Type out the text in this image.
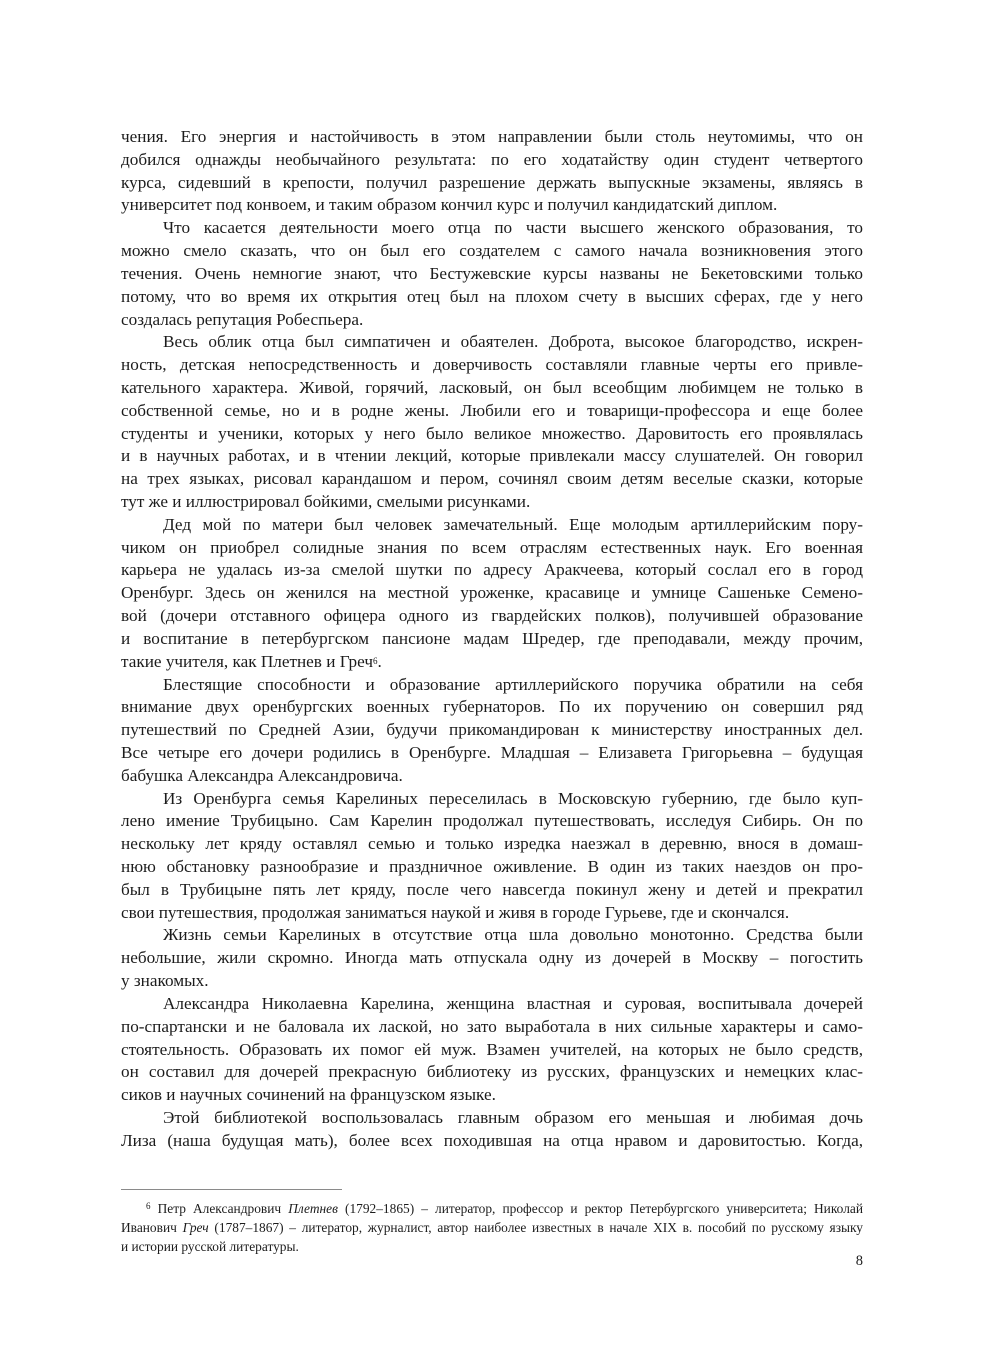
чения. Его энергия и настойчивость в этом направлении были столь неутомимы, что он
добился однажды необычайного результата: по его ходатайству один студент четвертого
курса, сидевший в крепости, получил разрешение держать выпускные экзамены, являясь в
университет под конвоем, и таким образом кончил курс и получил кандидатский диплом.

Что касается деятельности моего отца по части высшего женского образования, то
можно смело сказать, что он был его создателем с самого начала возникновения этого
течения. Очень немногие знают, что Бестужевские курсы названы не Бекетовскими только
потому, что во время их открытия отец был на плохом счету в высших сферах, где у него
создалась репутация Робеспьера.

Весь облик отца был симпатичен и обаятелен. Доброта, высокое благородство, искрен-
ность, детская непосредственность и доверчивость составляли главные черты его привле-
кательного характера. Живой, горячий, ласковый, он был всеобщим любимцем не только в
собственной семье, но и в родне жены. Любили его и товарищи-профессора и еще более
студенты и ученики, которых у него было великое множество. Даровитость его проявлялась
и в научных работах, и в чтении лекций, которые привлекали массу слушателей. Он говорил
на трех языках, рисовал карандашом и пером, сочинял своим детям веселые сказки, которые
тут же и иллюстрировал бойкими, смелыми рисунками.

Дед мой по матери был человек замечательный. Еще молодым артиллерийским пору-
чиком он приобрел солидные знания по всем отраслям естественных наук. Его военная
карьера не удалась из-за смелой шутки по адресу Аракчеева, который сослал его в город
Оренбург. Здесь он женился на местной уроженке, красавице и умнице Сашеньке Семено-
вой (дочери отставного офицера одного из гвардейских полков), получившей образование
и воспитание в петербургском пансионе мадам Шредер, где преподавали, между прочим,
такие учителя, как Плетнев и Греч$^6$.

Блестящие способности и образование артиллерийского поручика обратили на себя
внимание двух оренбургских военных губернаторов. По их поручению он совершил ряд
путешествий по Средней Азии, будучи прикомандирован к министерству иностранных дел.
Все четыре его дочери родились в Оренбурге. Младшая – Елизавета Григорьевна – будущая
бабушка Александра Александровича.

Из Оренбурга семья Карелиных переселилась в Московскую губернию, где было куп-
лено имение Трубицыно. Сам Карелин продолжал путешествовать, исследуя Сибирь. Он по
нескольку лет кряду оставлял семью и только изредка наезжал в деревню, внося в домаш-
нюю обстановку разнообразие и праздничное оживление. В один из таких наездов он про-
был в Трубицыне пять лет кряду, после чего навсегда покинул жену и детей и прекратил
свои путешествия, продолжая заниматься наукой и живя в городе Гурьеве, где и скончался.

Жизнь семьи Карелиных в отсутствие отца шла довольно монотонно. Средства были
небольшие, жили скромно. Иногда мать отпускала одну из дочерей в Москву – погостить
у знакомых.

Александра Николаевна Карелина, женщина властная и суровая, воспитывала дочерей
по-спартански и не баловала их лаской, но зато выработала в них сильные характеры и само-
стоятельность. Образовать их помог ей муж. Взамен учителей, на которых не было средств,
он составил для дочерей прекрасную библиотеку из русских, французских и немецких клас-
сиков и научных сочинений на французском языке.

Этой библиотекой воспользовалась главным образом его меньшая и любимая дочь
Лиза (наша будущая мать), более всех походившая на отца нравом и даровитостью. Когда,

$^6$ Петр Александрович Плетнев (1792–1865) – литератор, профессор и ректор Петербургского университета; Николай
Иванович Греч (1787–1867) – литератор, журналист, автор наиболее известных в начале XIX в. пособий по русскому языку
и истории русской литературы.
8
